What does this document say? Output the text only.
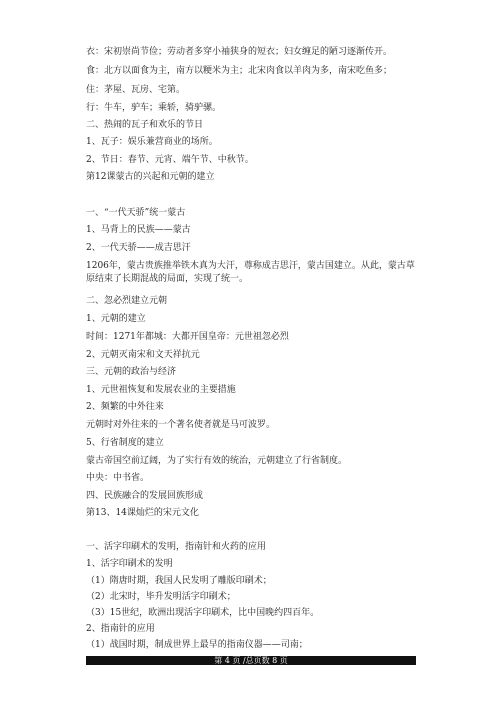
衣：宋初崇尚节俭；劳动者多穿小袖狭身的短衣；妇女缠足的陋习逐渐传开。
食：北方以面食为主，南方以粳米为主；北宋肉食以羊肉为多，南宋吃鱼多；
住：茅屋、瓦房、宅第。
行：牛车，驴车；乘轿，骑驴骡。
二、热闹的瓦子和欢乐的节日
1、瓦子：娱乐兼营商业的场所。
2、节日：春节、元宵、端午节、中秋节。
第12课蒙古的兴起和元朝的建立
一、“一代天骄”统一蒙古
1、马背上的民族——蒙古
2、一代天骄——成吉思汗
1206年，蒙古贵族推举铁木真为大汗，尊称成吉思汗，蒙古国建立。从此，蒙古草原结束了长期混战的局面，实现了统一。
二、忽必烈建立元朝
1、元朝的建立
时间：1271年都城：大都开国皇帝：元世祖忽必烈
2、元朝灭南宋和文天祥抗元
三、元朝的政治与经济
1、元世祖恢复和发展农业的主要措施
2、频繁的中外往来
元朝时对外往来的一个著名使者就是马可波罗。
5、行省制度的建立
蒙古帝国空前辽阔，为了实行有效的统治，元朝建立了行省制度。
中央：中书省。
四、民族融合的发展回族形成
第13、14课灿烂的宋元文化
一、活字印刷术的发明，指南针和火药的应用
1、活字印刷术的发明
（1）隋唐时期，我国人民发明了雕版印刷术；
（2）北宋时，毕升发明活字印刷术；
（3）15世纪，欧洲出现活字印刷术，比中国晚约四百年。
2、指南针的应用
（1）战国时期，制成世界上最早的指南仪器——司南；
第 4 页 /总页数 8 页
